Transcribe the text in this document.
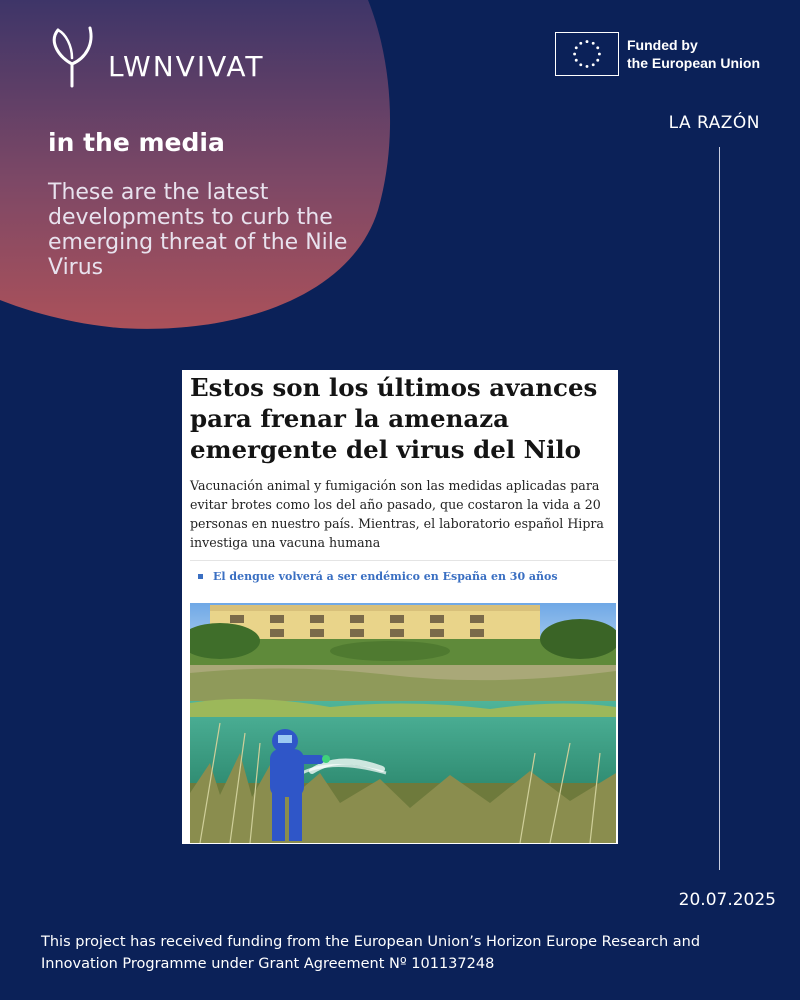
LWNVIVAT
in the media

These are the latest developments to curb the emerging threat of the Nile Virus

Funded by
the European Union
LA RAZÓN
20.07.2025
Estos son los últimos avances para frenar la amenaza emergente del virus del Nilo

Vacunación animal y fumigación son las medidas aplicadas para evitar brotes como los del año pasado, que costaron la vida a 20 personas en nuestro país. Mientras, el laboratorio español Hipra investiga una vacuna humana

El dengue volverá a ser endémico en España en 30 años

This project has received funding from the European Union’s Horizon Europe Research and Innovation Programme under Grant Agreement Nº 101137248
